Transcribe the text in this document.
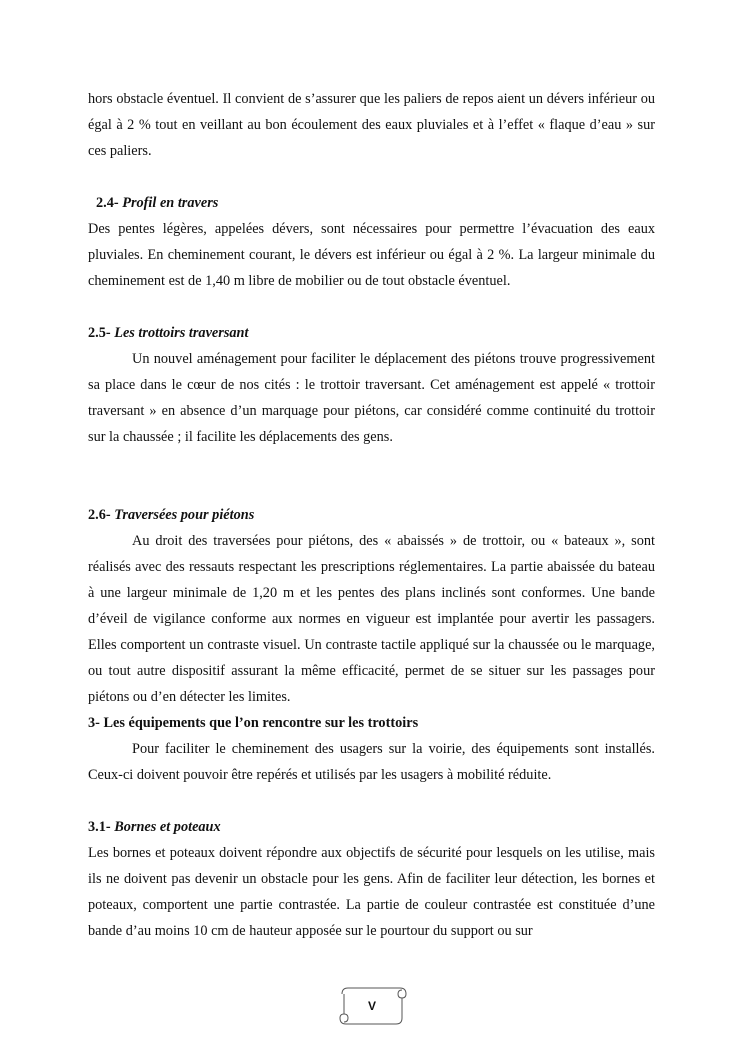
hors obstacle éventuel. Il convient de s’assurer que les paliers de repos aient un dévers inférieur ou égal à 2 % tout en veillant au bon écoulement des eaux pluviales et à l’effet « flaque d’eau » sur ces paliers.

2.4- Profil en travers

Des pentes légères, appelées dévers, sont nécessaires pour permettre l’évacuation des eaux pluviales. En cheminement courant, le dévers est inférieur ou égal à 2 %. La largeur minimale du cheminement est de 1,40 m libre de mobilier ou de tout obstacle éventuel.

2.5- Les trottoirs traversant

Un nouvel aménagement pour faciliter le déplacement des piétons trouve progressivement sa place dans le cœur de nos cités : le trottoir traversant. Cet aménagement est appelé « trottoir traversant » en absence d’un marquage pour piétons, car considéré comme continuité du trottoir sur la chaussée ; il facilite les déplacements des gens.

2.6- Traversées pour piétons

Au droit des traversées pour piétons, des « abaissés » de trottoir, ou « bateaux », sont réalisés avec des ressauts respectant les prescriptions réglementaires. La partie abaissée du bateau à une largeur minimale de 1,20 m et les pentes des plans inclinés sont conformes. Une bande d’éveil de vigilance conforme aux normes en vigueur est implantée pour avertir les passagers. Elles comportent un contraste visuel. Un contraste tactile appliqué sur la chaussée ou le marquage, ou tout autre dispositif assurant la même efficacité, permet de se situer sur les passages pour piétons ou d’en détecter les limites.

3- Les équipements que l’on rencontre sur les trottoirs

Pour faciliter le cheminement des usagers sur la voirie, des équipements sont installés. Ceux-ci doivent pouvoir être repérés et utilisés par les usagers à mobilité réduite.

3.1- Bornes et poteaux

Les bornes et poteaux doivent répondre aux objectifs de sécurité pour lesquels on les utilise, mais ils ne doivent pas devenir un obstacle pour les gens. Afin de faciliter leur détection, les bornes et poteaux, comportent une partie contrastée. La partie de couleur contrastée est constituée d’une bande d’au moins 10 cm de hauteur apposée sur le pourtour du support ou sur

V
